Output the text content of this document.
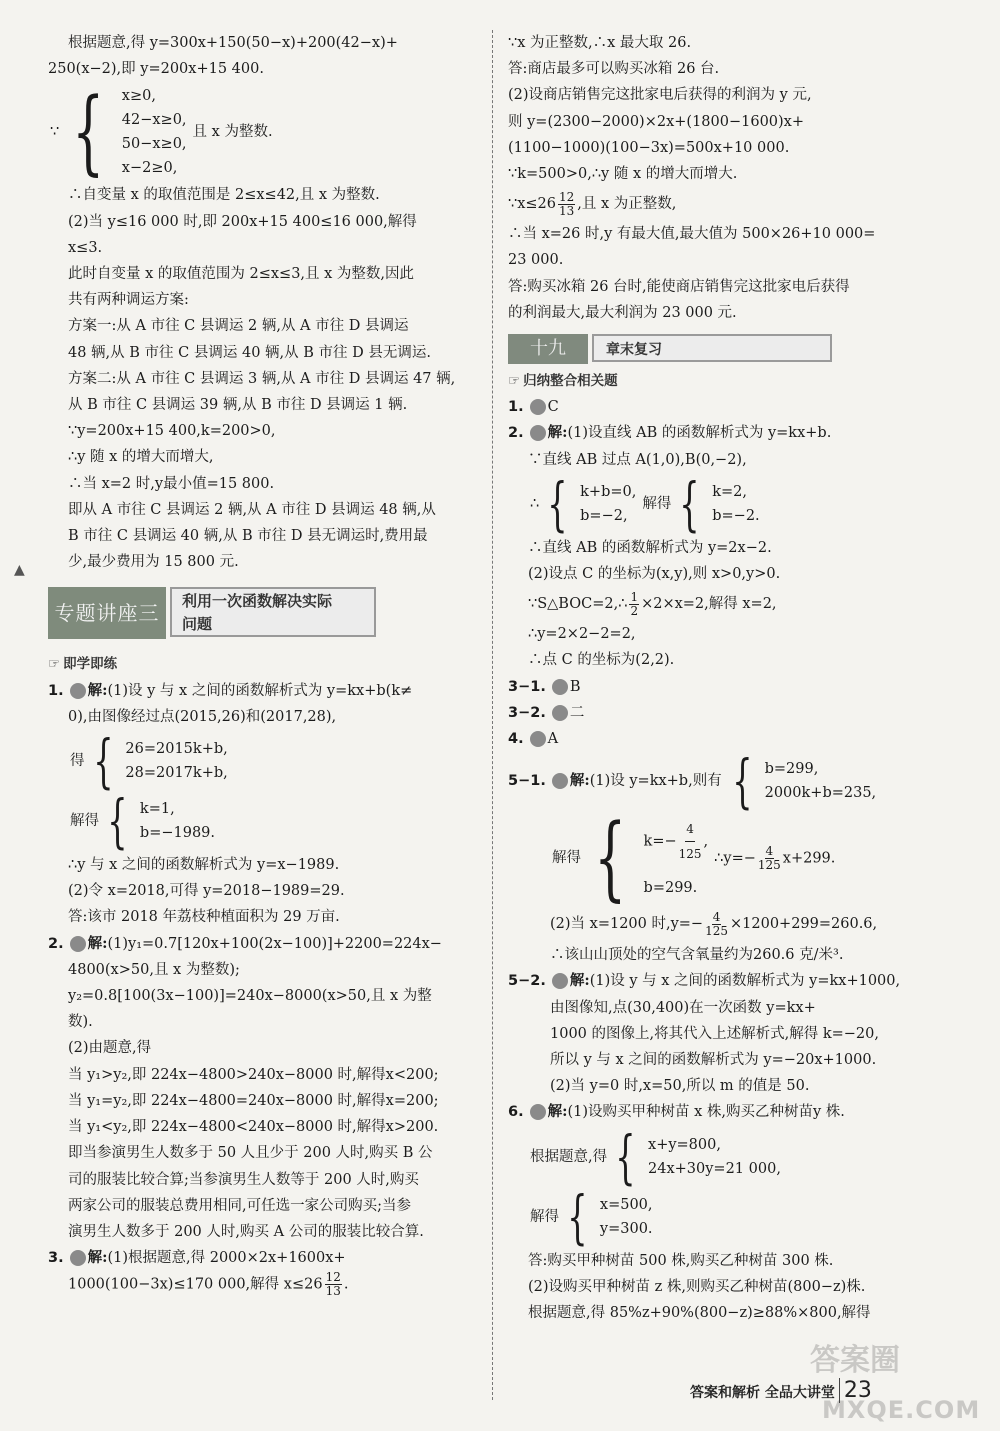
▲
根据题意,得 y=300x+150(50−x)+200(42−x)+
250(x−2),即 y=200x+15 400.
∵ { x≥0,
42−x≥0,
50−x≥0,
x−2≥0,
且 x 为整数.
∴自变量 x 的取值范围是 2≤x≤42,且 x 为整数.
(2)当 y≤16 000 时,即 200x+15 400≤16 000,解得
x≤3.
此时自变量 x 的取值范围为 2≤x≤3,且 x 为整数,因此
共有两种调运方案:
方案一:从 A 市往 C 县调运 2 辆,从 A 市往 D 县调运
48 辆,从 B 市往 C 县调运 40 辆,从 B 市往 D 县无调运.
方案二:从 A 市往 C 县调运 3 辆,从 A 市往 D 县调运 47 辆,
从 B 市往 C 县调运 39 辆,从 B 市往 D 县调运 1 辆.
∵y=200x+15 400,k=200>0,
∴y 随 x 的增大而增大,
∴当 x=2 时,y最小值=15 800.
即从 A 市往 C 县调运 2 辆,从 A 市往 D 县调运 48 辆,从
B 市往 C 县调运 40 辆,从 B 市往 D 县无调运时,费用最
少,最少费用为 15 800 元.
专题讲座三	利用一次函数解决实际
问题
☞ 即学即练
1. 解:(1)设 y 与 x 之间的函数解析式为 y=kx+b(k≠
0),由图像经过点(2015,26)和(2017,28),
得 { 26=2015k+b,
28=2017k+b,
解得 { k=1,
b=−1989.
∴y 与 x 之间的函数解析式为 y=x−1989.
(2)令 x=2018,可得 y=2018−1989=29.
答:该市 2018 年荔枝种植面积为 29 万亩.
2. 解:(1)y₁=0.7[120x+100(2x−100)]+2200=224x−
4800(x>50,且 x 为整数);
y₂=0.8[100(3x−100)]=240x−8000(x>50,且 x 为整
数).
(2)由题意,得
当 y₁>y₂,即 224x−4800>240x−8000 时,解得x<200;
当 y₁=y₂,即 224x−4800=240x−8000 时,解得x=200;
当 y₁<y₂,即 224x−4800<240x−8000 时,解得x>200.
即当参演男生人数多于 50 人且少于 200 人时,购买 B 公
司的服装比较合算;当参演男生人数等于 200 人时,购买
两家公司的服装总费用相同,可任选一家公司购买;当参
演男生人数多于 200 人时,购买 A 公司的服装比较合算.
3. 解:(1)根据题意,得 2000×2x+1600x+
1000(100−3x)≤170 000,解得 $x\le 26 \frac{12}{13}$ .
∵x 为正整数,∴x 最大取 26.
答:商店最多可以购买冰箱 26 台.
(2)设商店销售完这批家电后获得的利润为 y 元,
则 y=(2300−2000)×2x+(1800−1600)x+
(1100−1000)(100−3x)=500x+10 000.
∵k=500>0,∴y 随 x 的增大而增大.
∵x≤26 $\frac{12}{13}$ ,且 x 为正整数,
∴当 x=26 时,y 有最大值,最大值为 500×26+10 000=
23 000.
答:购买冰箱 26 台时,能使商店销售完这批家电后获得
的利润最大,最大利润为 23 000 元.
十九	章末复习
☞ 归纳整合相关题
1. C
2. 解:(1)设直线 AB 的函数解析式为 y=kx+b.
∵直线 AB 过点 A(1,0),B(0,−2),
∴ { k+b=0,
b=−2,
解得 { k=2,
b=−2.
∴直线 AB 的函数解析式为 y=2x−2.
(2)设点 C 的坐标为(x,y),则 x>0,y>0.
∵S△BOC=2,∴ $\frac{1}{2} \times 2\times x=2$,解得 x=2,
∴y=2×2−2=2,
∴点 C 的坐标为(2,2).
3−1. B
3−2. 二
4. A
5−1. 解: (1)设 y=kx+b,则有 { b=299,
2000k+b=235,
解得 { $k=- \frac{4}{125}$ ,
b=299.
∴y=− $\frac{4}{125} x+299$.
(2)当 x=1200 时$,y=- \frac{4}{125} \times 1200+299=260.6$,
∴该山山顶处的空气含氧量约为260.6 克/米³.
5−2. 解:(1)设 y 与 x 之间的函数解析式为 y=kx+1000,
由图像知,点(30,400)在一次函数 y=kx+
1000 的图像上,将其代入上述解析式,解得 k=−20,
所以 y 与 x 之间的函数解析式为 y=−20x+1000.
(2)当 y=0 时,x=50,所以 m 的值是 50.
6. 解:(1)设购买甲种树苗 x 株,购买乙种树苗y 株.
根据题意,得 { x+y=800,
24x+30y=21 000,
解得 { x=500,
y=300.
答:购买甲种树苗 500 株,购买乙种树苗 300 株.
(2)设购买甲种树苗 z 株,则购买乙种树苗(800−z)株.
根据题意,得 85%z+90%(800−z)≥88%×800,解得
答案圈
MXQE.COM
答案和解析 全品大讲堂 23
